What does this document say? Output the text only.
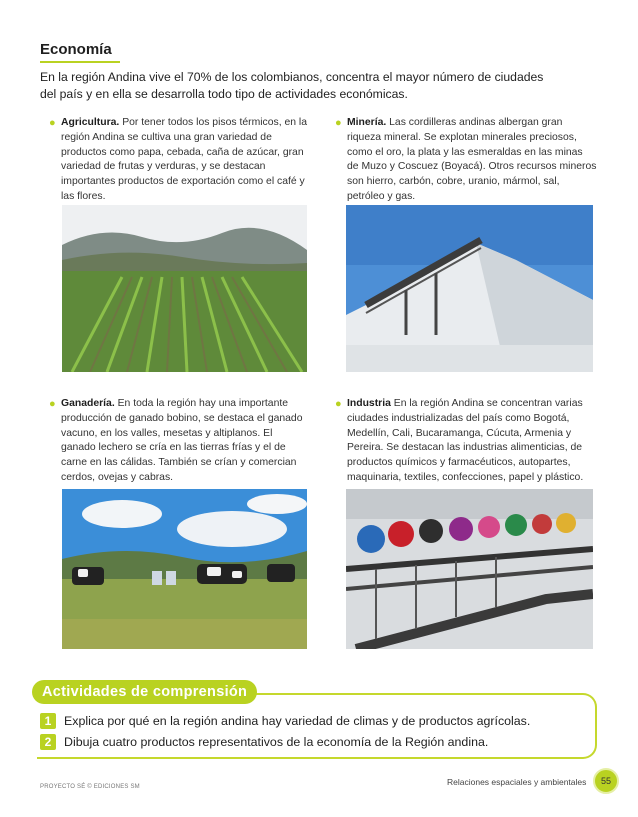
Economía

En la región Andina vive el 70% de los colombianos, concentra el mayor número de ciudades del país y en ella se desarrolla todo tipo de actividades económicas.

● Agricultura. Por tener todos los pisos térmicos, en la región Andina se cultiva una gran variedad de productos como papa, cebada, caña de azúcar, gran variedad de frutas y verduras, y se destacan importantes productos de exportación como el café y las flores.
● Minería. Las cordilleras andinas albergan gran riqueza mineral. Se explotan minerales preciosos, como el oro, la plata y las esmeraldas en las minas de Muzo y Coscuez (Boyacá). Otros recursos mineros son hierro, carbón, cobre, uranio, mármol, sal, petróleo y gas.
● Ganadería. En toda la región hay una importante producción de ganado bobino, se destaca el ganado vacuno, en los valles, mesetas y altiplanos. El ganado lechero se cría en las tierras frías y el de carne en las cálidas. También se crían y comercian cerdos, ovejas y cabras.
● Industria En la región Andina se concentran varias ciudades industrializadas del país como Bogotá, Medellín, Cali, Bucaramanga, Cúcuta, Armenia y Pereira. Se destacan las industrias alimenticias, de productos químicos y farmacéuticos, autopartes, maquinaria, textiles, confecciones, papel y plástico.
Actividades de comprensión
1	Explica por qué en la región andina hay variedad de climas y de productos agrícolas.
2	Dibuja cuatro productos representativos de la economía de la Región andina.
PROYECTO SÉ © EDICIONES SM	Relaciones espaciales y ambientales	55
